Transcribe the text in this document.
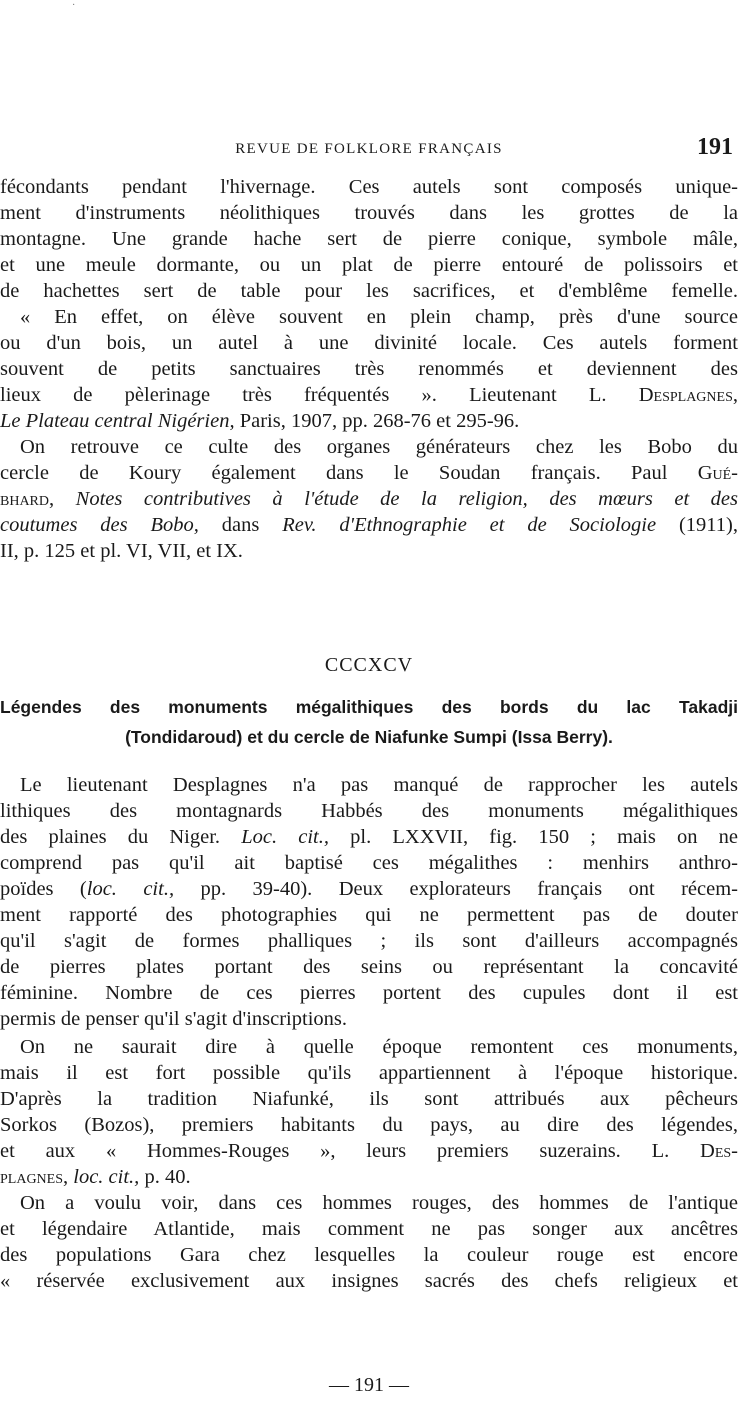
·
REVUE DE FOLKLORE FRANÇAIS	191
fécondants pendant l'hivernage. Ces autels sont composés unique-
ment d'instruments néolithiques trouvés dans les grottes de la
montagne. Une grande hache sert de pierre conique, symbole mâle,
et une meule dormante, ou un plat de pierre entouré de polissoirs et
de hachettes sert de table pour les sacrifices, et d'emblême femelle.
« En effet, on élève souvent en plein champ, près d'une source
ou d'un bois, un autel à une divinité locale. Ces autels forment
souvent de petits sanctuaires très renommés et deviennent des
lieux de pèlerinage très fréquentés ». Lieutenant L. Desplagnes,
Le Plateau central Nigérien, Paris, 1907, pp. 268-76 et 295-96.
On retrouve ce culte des organes générateurs chez les Bobo du
cercle de Koury également dans le Soudan français. Paul Gué-
bhard, Notes contributives à l'étude de la religion, des mœurs et des
coutumes des Bobo, dans Rev. d'Ethnographie et de Sociologie (1911),
II, p. 125 et pl. VI, VII, et IX.
CCCXCV
Légendes des monuments mégalithiques des bords du lac Takadji
(Tondidaroud) et du cercle de Niafunke Sumpi (Issa Berry).
Le lieutenant Desplagnes n'a pas manqué de rapprocher les autels
lithiques des montagnards Habbés des monuments mégalithiques
des plaines du Niger. Loc. cit., pl. LXXVII, fig. 150 ; mais on ne
comprend pas qu'il ait baptisé ces mégalithes : menhirs anthro-
poïdes (loc. cit., pp. 39-40). Deux explorateurs français ont récem-
ment rapporté des photographies qui ne permettent pas de douter
qu'il s'agit de formes phalliques ; ils sont d'ailleurs accompagnés
de pierres plates portant des seins ou représentant la concavité
féminine. Nombre de ces pierres portent des cupules dont il est
permis de penser qu'il s'agit d'inscriptions.
On ne saurait dire à quelle époque remontent ces monuments,
mais il est fort possible qu'ils appartiennent à l'époque historique.
D'après la tradition Niafunké, ils sont attribués aux pêcheurs
Sorkos (Bozos), premiers habitants du pays, au dire des légendes,
et aux « Hommes-Rouges », leurs premiers suzerains. L. Des-
plagnes, loc. cit., p. 40.
On a voulu voir, dans ces hommes rouges, des hommes de l'antique
et légendaire Atlantide, mais comment ne pas songer aux ancêtres
des populations Gara chez lesquelles la couleur rouge est encore
« réservée exclusivement aux insignes sacrés des chefs religieux et
— 191 —
